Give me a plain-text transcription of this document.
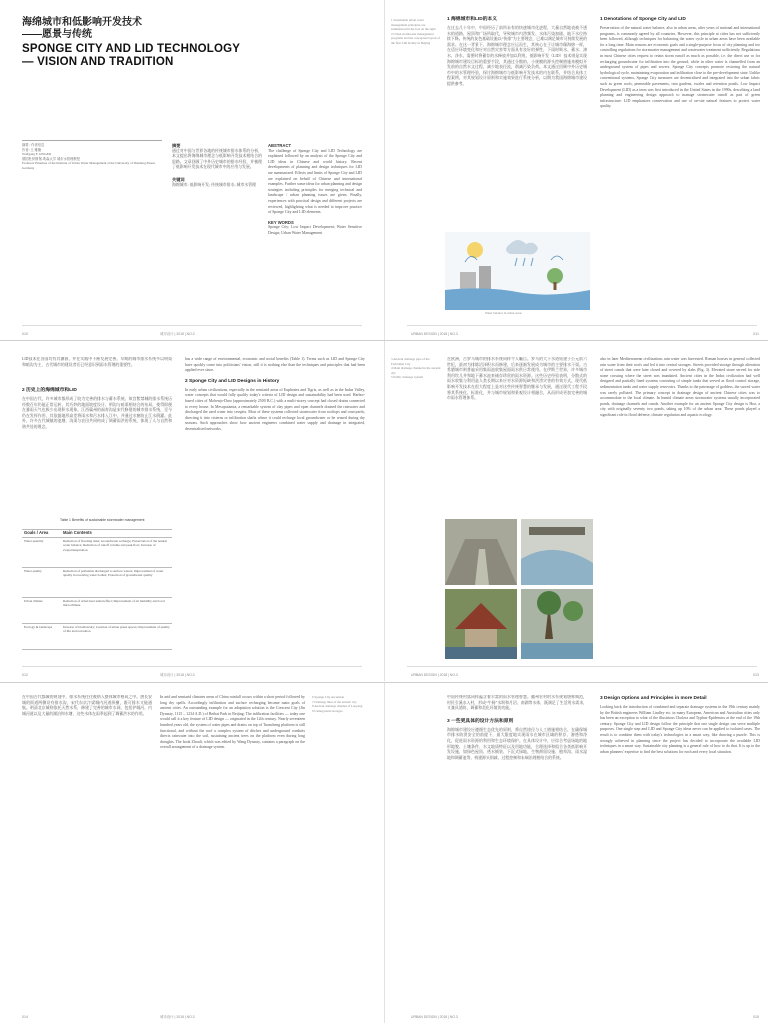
海绵城市和低影响开发技术
——愿景与传统
SPONGE CITY AND LID TECHNOLOGY
— VISION AND TRADITION
摘要 / 作者信息
作者: 王 雅楠
Wolfgang F. GEIGER
德国杜伊斯堡-埃森大学 城市水管理教授
Professor Emeritus of the Institute of Urban Water Management at the University of Duisburg-Essen, Germany
摘要

通过对中国与世界各地的传统城市排水体系的分析，本文提出将海绵城市理念与低影响开发技术相结合的思路。文章回顾了中外历史城市的排水经验，并梳理了低影响开发技术在现代城市中的应用与发展。

关键词

海绵城市; 低影响开发; 传统城市排水; 城市水管理

ABSTRACT

The challenge of Sponge City and LID Technology are explained followed by an analysis of the Sponge City and LID ideas in Chinese and world history. Recent developments of planning and design techniques for LID are summarized. Effects and limits of Sponge City and LID are explained on behalf of Chinese and international examples. Further some ideas for urban planning and design strategies including principles for merging technical and landscape / urban planning issues are given. Finally, experiences with practical design and different projects are reviewed, highlighting what is needed to improve practice of Sponge City and LID elements.

KEY WORDS

Sponge City; Low Impact Development; Water Sensitive Design; Urban Water Management

010	城市设计 | 2018 | NO.3
1 Sustainable urban water management principles are summarized in the box on the right
2 Urban stormwater management programs and the conceptual layout of the first LID facility in Beijing
1 海绵城市和LID的本义

在过去几十年中，中国经历了前所未有的快速城市化进程，大量自然地表被不透水的道路、屋顶和广场所取代，导致城市内涝频发、水体污染加剧、地下水位持续下降。传统的灰色基础设施以“快排”为主要理念，已难以满足城市可持续发展的需求。在这一背景下，海绵城市理念应运而生，其核心在于让城市像海绵一样，在适应环境变化和应对自然灾害等方面具有良好的弹性，下雨时吸水、蓄水、渗水、净水，需要时将蓄存的水释放并加以利用。低影响开发（LID）技术则是实现海绵城市建设目标的重要手段，其通过分散的、小规模的源头控制措施来模拟开发前的自然水文过程，减少地表径流，削减污染负荷。本文通过回顾中外历史城市中的水管理经验，探讨海绵城市与低影响开发技术的内在联系，并结合具体工程案例，对其规划设计原则和实施效果进行系统分析，以期为我国海绵城市建设提供参考。

Water balance in urban areas
1 Denotations of Sponge City and LID

Preservation of the natural water balance, also in urban areas, after years of national and international programs, is commonly agreed by all countries. However, this principle at cities has not sufficiently been followed, although techniques for balancing the water cycle in urban areas have been available for a long time. Main reasons are economic goals and a single-purpose focus of city planning and too controlling regulations for stormwater management and wastewater treatment sufficiently. Regulations in most Chinese cities request to retain storm runoff as much as possible, i.e. the direct use or for recharging groundwater for infiltration into the ground, while in other water is channelled from an underground system of pipes and sewers. Sponge City concepts promote restoring the natural hydrological cycle, maintaining evaporation and infiltration close to the pre-development state. Unlike conventional systems, Sponge City measures are decentralised and integrated into the urban fabric such as green roofs, permeable pavements, rain gardens, swales and retention ponds. Low Impact Development (LID) as a term was first introduced in the United States in the 1990s, describing a land planning and engineering design approach to manage stormwater runoff as part of green infrastructure. LID emphasizes conservation and use of on-site natural features to protect water quality.

URBAN DESIGN | 2018 | NO.3	011

LID技术在各国均有其渊源，并在实践中不断发展完善。早期的城市排水系统多以明渠和暗沟为主，古代城市的建设者们已经意识到雨水管理的重要性。

2 历史上的海绵城市和LID

在中国古代，许多城市都形成了较为完善的排水与蓄水系统。故宫紫禁城的排水系统历经数百年仍能正常运转，其巧妙的地面坡度设计、明沟与暗渠相结合的布局，使得即便在暴雨天气也极少出现积水现象。江西赣州的福寿沟是宋代修建的城市排水系统，至今仍在发挥作用，其依据地形高差将雨水和污水排入江中，并通过水窗防止江水倒灌。此外，许多古代城镇的池塘、沟渠与农田共同构成了调蓄雨洪的系统，体现了人与自然和谐共处的理念。

Table 1 Benefits of sustainable stormwater management
Goals / Area	Main Contents
Water quantity	Reduction of flooding risks; Groundwater recharge; Preservation of the natural water balance; Reduction of runoff volume and peak flow; Increase of evapotranspiration
Water quality	Reduction of pollutants discharged to surface waters; Improvement of water quality in receiving water bodies; Protection of groundwater quality
Urban climate	Reduction of urban heat island effect; Improvement of air humidity and local microclimate
Ecology & landscape	Increase of biodiversity; Creation of urban green spaces; Improvement of quality of life and recreation

has a wide range of environmental, economic and social benefits (Table 1). Terms such as LID and Sponge City have quickly come into politicians' vision, still it is nothing else than the techniques and principles that had been applied ever since.

2 Sponge City and LID Designs in History

In early urban civilizations, especially in the semiarid areas of Euphrates and Tigris, as well as in the Indus Valley, water concepts that would fully qualify today's criteria of LID design and sustainability had been used. Harbor-based cities of Mohenjo-Daro (approximately 2500 B.C.) with a multi-storey concept had closed drains connected to every house. In Mesopotamia, a remarkable system of clay pipes and open channels drained the rainwater and discharged the used water into cesspits. Most of these systems collected stormwater from rooftops and courtyards, directing it into cisterns or infiltration shafts where it could recharge local groundwater or be reused during dry seasons. Such approaches show how ancient engineers combined water supply and drainage in integrated, decentralised networks.

012	城市设计 | 2018 | NO.3
3 Ancient drainage pipe of the Forbidden City
4 Main drainage channel in the ancient city
5 Public drainage system

在欧洲，古罗马城市的排水系统同样令人瞩目。罗马的大下水道始建于公元前六世纪，最初为排除沼泽积水而修建，后来逐渐发展成为城市的主要排水干渠。古希腊城市则普遍采用集雨池收集屋面雨水供日常使用。在伊斯兰世界，许多城市利用坎儿井和地下蓄水池来储存珍贵的雨水资源。这些历史经验表明，分散式的雨水收集与利用是人类长期以来应对水资源短缺和洪涝灾害的有效方式。现代低影响开发技术在很大程度上是对这些传统智慧的继承与发展，通过现代工程手段将其系统化、标准化，并与城市规划和景观设计相融合，从而形成更加完善的城市雨水管理体系。

also in later Mediterranean civilizations rain water was harvested. Roman houses in general collected rain water from their roofs and led it into central storages. Streets provided storage through alteration of street canals that were later closed and covered by slabs (Fig. 3). Elevated stone served for side stone crossing where the street was inundated. Ancient cities in the Indus civilization had well designed and partially lined systems consisting of simple tanks that served as flood control storage, sedimentation tanks and water supply reservoirs. Thanks to the patronage of goddess, the sacred water was rarely polluted. The primary concept in drainage design of ancient Chinese cities was to accommodate to the local climate. In humid climate areas stormwater systems usually incorporated ponds, drainage channels and canals. Another example for an ancient Sponge City design is Hoa, a city with originally seventy two ponds, taking up 10% of the urban area. These ponds played a significant role in flood defense, climate regulation and aquatic ecology.

URBAN DESIGN | 2018 | NO.3	013

在中国古代都城的规划中，排水系统往往被纳入整体城市格局之中。唐长安城的街道两侧设有排水沟，宋代东京汴梁城内河道纵横，既可排水又能通航。明清北京城则依托天然水系，修建了完善的城市水网，包括护城河、内城河道以及大量的湖泊和水塘，这些水体在雨季起到了调蓄洪水的作用。

In arid and semiarid climates areas of China rainfall occurs within a short period followed by long dry spells. Accordingly infiltration and surface recharging became main goals of ancient cities. An outstanding example for an adaptation solution is the Crescent City (Jin Dynasty, 1115 – 1234 A.D.) of Beihai Park in Beijing. The infiltration facilities — today one would call it a key feature of LID design — originated in the 12th century. Nearly seventeen hundred years old, the system of water pipes and drains on top of Tuancheng platform is still functional, and without the roof a complex system of ditches and underground conduits directs rainwater into the soil, sustaining ancient trees on the platform even during long droughts. The book Zhouli, which was edited by Wang Dynasty, contains a paragraph on the overall arrangement of a drainage system.

6 Sponge City Ascension
7 Drainage lines of the ancient city
8 Ancient drainage channel of Luoyang
9 Underground storages
014	城市设计 | 2018 | NO.3

中国传统村落同样蕴含着丰富的雨水管理智慧。徽州宏村的水系规划堪称典范，村民引溪水入村，形成“牛肠”水圳和月沼、南湖等水体，既满足了生活用水需求，又兼具消防、调蓄和美化环境的功能。

3 一些更具体的设计方法和原则

海绵城市建设应遵循生态优先的原则，将自然途径与人工措施相结合，在确保城市排水防涝安全的前提下，最大限度地实现雨水在城市区域的积存、渗透和净化，促进雨水资源的利用和生态环境保护。在具体设计中，应综合考虑场地的地形地貌、土壤条件、水文地质特征以及用地功能，合理选择和组合各类低影响开发设施，如绿色屋顶、透水铺装、下沉式绿地、生物滞留设施、植草沟、雨水湿地和调蓄池等，构建源头削减、过程控制和末端治理相结合的系统。

3 Design Options and Principles in more Detail

Looking back the introduction of combined and separate drainage systems in the 19th century mainly by the British engineers William Lindley etc. in many European, American and Australian cities only has been an exception to what of the illustrious Cholera and Typhus-Epidemics at the end of the 19th century. Sponge City and LID design follow the principle that one single design can serve multiple purposes. One single step and LID and Sponge City ideas never can be applied to isolated cases. The result is to combine them with today's technologies in a smart way, like drawing a puzzle. This is strongly achieved in planning since the project has decided to incorporate the available LID techniques in a smart way. Sustainable city planning is a general rule of how to do that. It is up to the urban planners' expertise to find the best solutions for each and every local situation.

URBAN DESIGN | 2018 | NO.3	015
